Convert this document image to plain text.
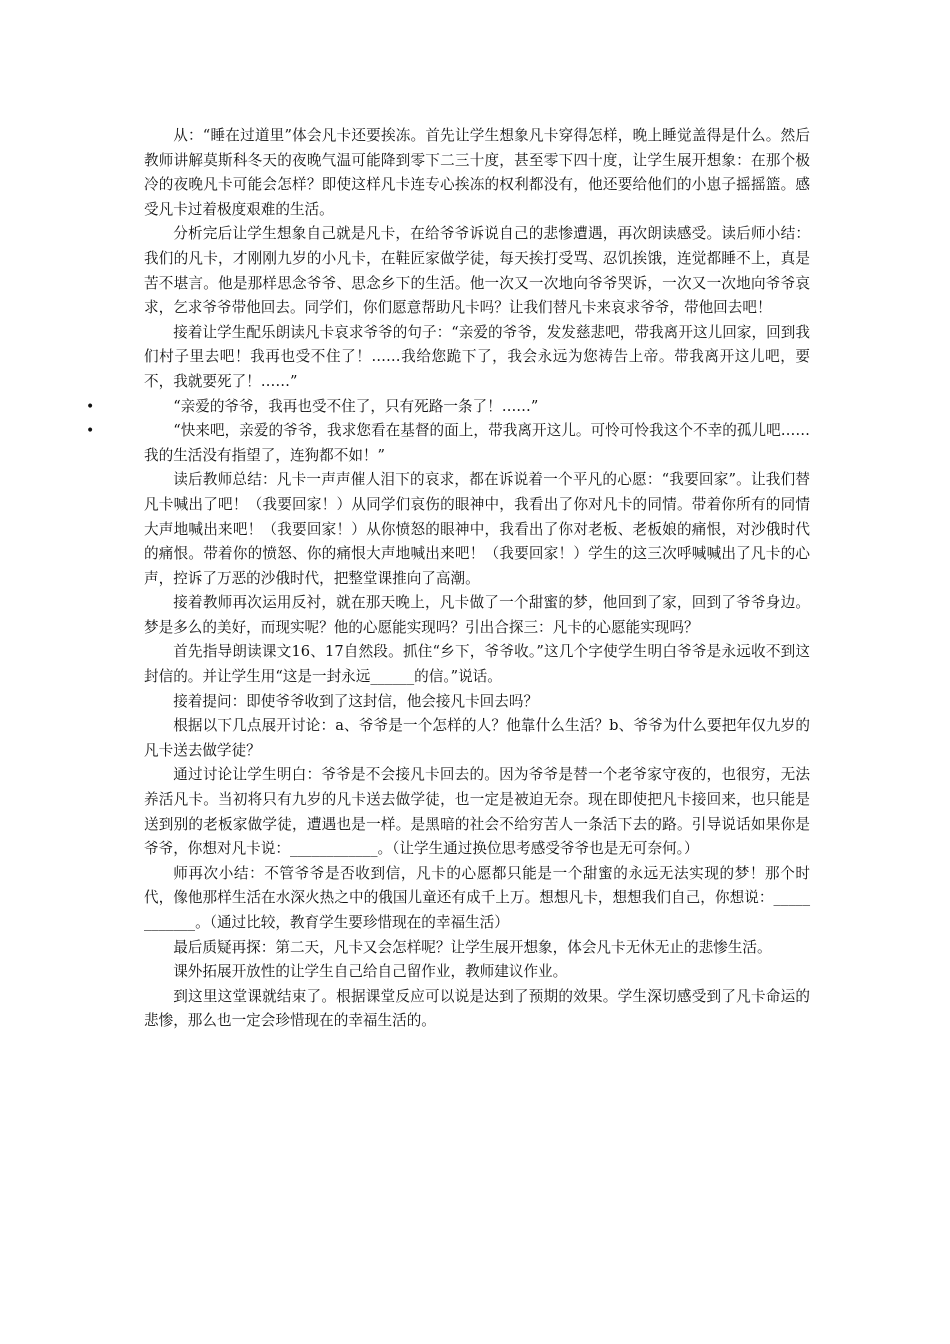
从：“睡在过道里”体会凡卡还要挨冻。首先让学生想象凡卡穿得怎样，晚上睡觉盖得是什么。然后教师讲解莫斯科冬天的夜晚气温可能降到零下二三十度，甚至零下四十度，让学生展开想象：在那个极冷的夜晚凡卡可能会怎样？即使这样凡卡连专心挨冻的权利都没有，他还要给他们的小崽子摇摇篮。感受凡卡过着极度艰难的生活。

分析完后让学生想象自己就是凡卡，在给爷爷诉说自己的悲惨遭遇，再次朗读感受。读后师小结：我们的凡卡，才刚刚九岁的小凡卡，在鞋匠家做学徒，每天挨打受骂、忍饥挨饿，连觉都睡不上，真是苦不堪言。他是那样思念爷爷、思念乡下的生活。他一次又一次地向爷爷哭诉，一次又一次地向爷爷哀求，乞求爷爷带他回去。同学们，你们愿意帮助凡卡吗？让我们替凡卡来哀求爷爷，带他回去吧！

接着让学生配乐朗读凡卡哀求爷爷的句子：“亲爱的爷爷，发发慈悲吧，带我离开这儿回家，回到我们村子里去吧！我再也受不住了！……我给您跪下了，我会永远为您祷告上帝。带我离开这儿吧，要不，我就要死了！……”

•	“亲爱的爷爷，我再也受不住了，只有死路一条了！……”

•	“快来吧，亲爱的爷爷，我求您看在基督的面上，带我离开这儿。可怜可怜我这个不幸的孤儿吧……我的生活没有指望了，连狗都不如！”

读后教师总结：凡卡一声声催人泪下的哀求，都在诉说着一个平凡的心愿：“我要回家”。让我们替凡卡喊出了吧！（我要回家！）从同学们哀伤的眼神中，我看出了你对凡卡的同情。带着你所有的同情大声地喊出来吧！（我要回家！）从你愤怒的眼神中，我看出了你对老板、老板娘的痛恨，对沙俄时代的痛恨。带着你的愤怒、你的痛恨大声地喊出来吧！（我要回家！）学生的这三次呼喊喊出了凡卡的心声，控诉了万恶的沙俄时代，把整堂课推向了高潮。

接着教师再次运用反衬，就在那天晚上，凡卡做了一个甜蜜的梦，他回到了家，回到了爷爷身边。梦是多么的美好，而现实呢？他的心愿能实现吗？引出合探三：凡卡的心愿能实现吗？

首先指导朗读课文16、17自然段。抓住“乡下，爷爷收。”这几个字使学生明白爷爷是永远收不到这封信的。并让学生用“这是一封永远______的信。”说话。

接着提问：即使爷爷收到了这封信，他会接凡卡回去吗？

根据以下几点展开讨论：a、爷爷是一个怎样的人？他靠什么生活？b、爷爷为什么要把年仅九岁的凡卡送去做学徒？

通过讨论让学生明白：爷爷是不会接凡卡回去的。因为爷爷是替一个老爷家守夜的，也很穷，无法养活凡卡。当初将只有九岁的凡卡送去做学徒，也一定是被迫无奈。现在即使把凡卡接回来，也只能是送到别的老板家做学徒，遭遇也是一样。是黑暗的社会不给穷苦人一条活下去的路。引导说话如果你是爷爷，你想对凡卡说：____________。（让学生通过换位思考感受爷爷也是无可奈何。）

师再次小结：不管爷爷是否收到信，凡卡的心愿都只能是一个甜蜜的永远无法实现的梦！那个时代，像他那样生活在水深火热之中的俄国儿童还有成千上万。想想凡卡，想想我们自己，你想说：____________。（通过比较，教育学生要珍惜现在的幸福生活）

最后质疑再探：第二天，凡卡又会怎样呢？让学生展开想象，体会凡卡无休无止的悲惨生活。

课外拓展开放性的让学生自己给自己留作业，教师建议作业。

到这里这堂课就结束了。根据课堂反应可以说是达到了预期的效果。学生深切感受到了凡卡命运的悲惨，那么也一定会珍惜现在的幸福生活的。
